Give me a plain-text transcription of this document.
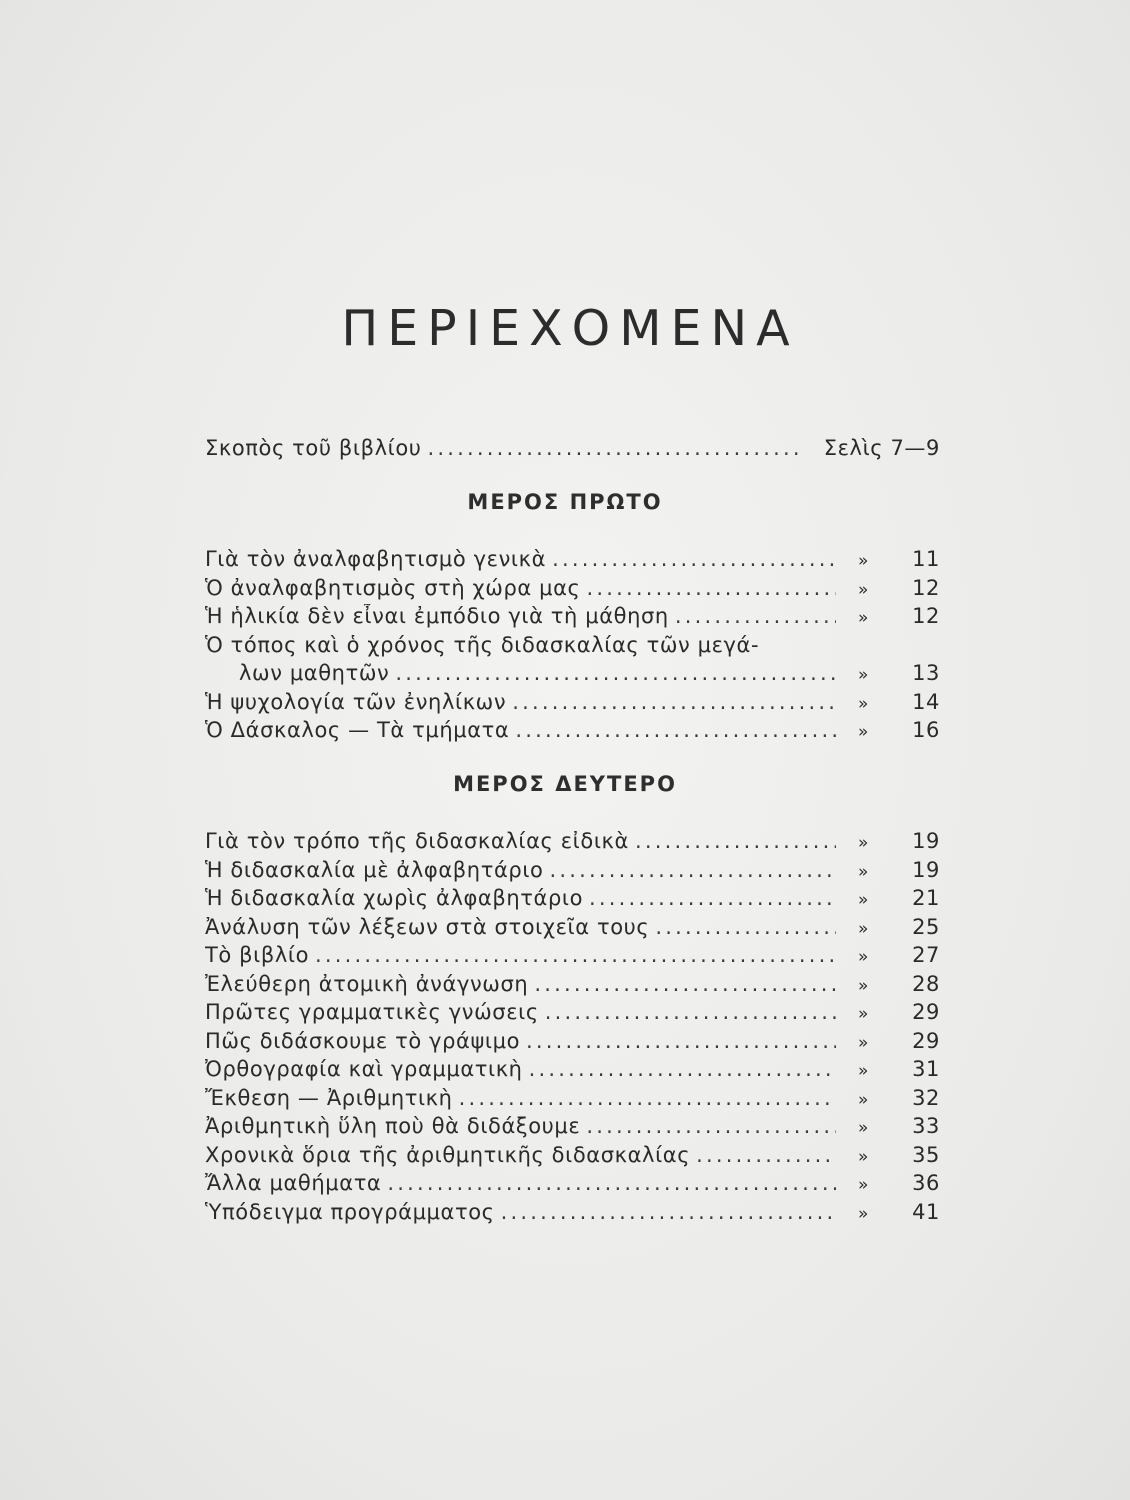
ΠΕΡΙΕΧΟΜΕΝΑ
Σκοπὸς τοῦ βιβλίου .....	Σελὶς 7—9
ΜΕΡΟΣ ΠΡΩΤΟ
Γιὰ τὸν ἀναλφαβητισμὸ γενικὰ .....	»	11
Ὁ ἀναλφαβητισμὸς στὴ χώρα μας .....	»	12
Ἡ ἡλικία δὲν εἶναι ἐμπόδιο γιὰ τὴ μάθηση .....	»	12
Ὁ τόπος καὶ ὁ χρόνος τῆς διδασκαλίας τῶν μεγά-
λων μαθητῶν .....	»	13
Ἡ ψυχολογία τῶν ἐνηλίκων .....	»	14
Ὁ Δάσκαλος — Τὰ τμήματα .....	»	16
ΜΕΡΟΣ ΔΕΥΤΕΡΟ
Γιὰ τὸν τρόπο τῆς διδασκαλίας εἰδικὰ .....	»	19
Ἡ διδασκαλία μὲ ἀλφαβητάριο .....	»	19
Ἡ διδασκαλία χωρὶς ἀλφαβητάριο .....	»	21
Ἀνάλυση τῶν λέξεων στὰ στοιχεῖα τους .....	»	25
Τὸ βιβλίο .....	»	27
Ἐλεύθερη ἀτομικὴ ἀνάγνωση .....	»	28
Πρῶτες γραμματικὲς γνώσεις .....	»	29
Πῶς διδάσκουμε τὸ γράψιμο .....	»	29
Ὀρθογραφία καὶ γραμματικὴ .....	»	31
Ἔκθεση — Ἀριθμητικὴ .....	»	32
Ἀριθμητικὴ ὕλη ποὺ θὰ διδάξουμε .....	»	33
Χρονικὰ ὅρια τῆς ἀριθμητικῆς διδασκαλίας .....	»	35
Ἄλλα μαθήματα .....	»	36
Ὑπόδειγμα προγράμματος .....	»	41
